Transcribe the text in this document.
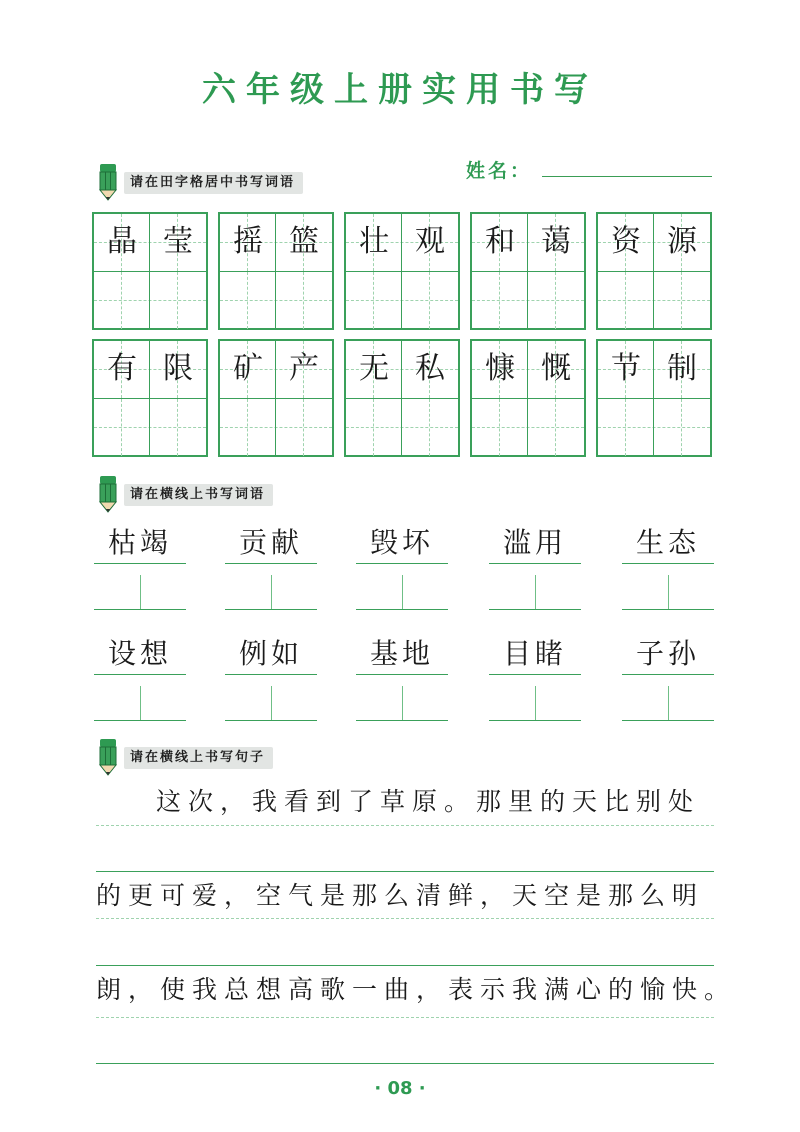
六年级上册实用书写
姓名：
请在田字格居中书写词语
晶 莹	摇 篮	壮 观	和 蔼	资 源
有 限	矿 产	无 私	慷 慨	节 制
请在横线上书写词语
枯竭	贡献	毁坏	滥用	生态
设想	例如	基地	目睹	子孙
请在横线上书写句子
这次，我看到了草原。那里的天比别处
的更可爱，空气是那么清鲜，天空是那么明
朗，使我总想高歌一曲，表示我满心的愉快。
· 08 ·
